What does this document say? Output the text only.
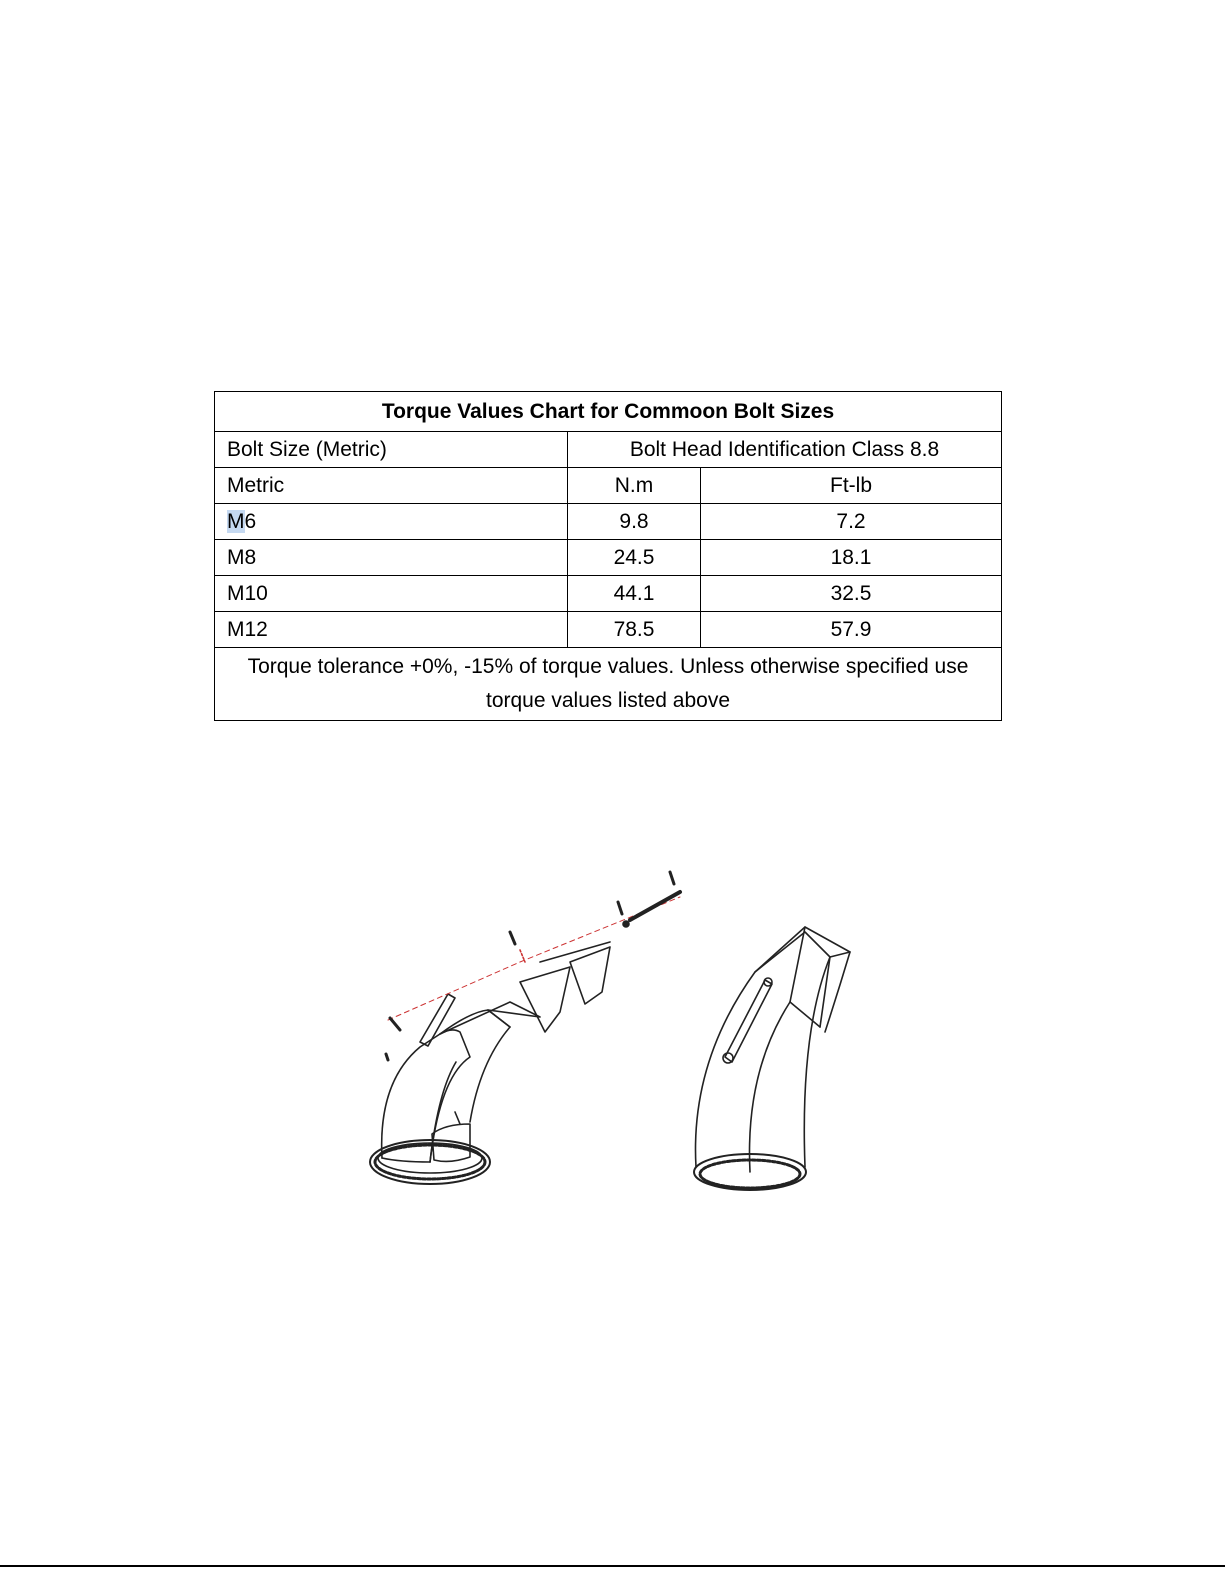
Torque Values Chart for Commoon Bolt Sizes		
Bolt Size (Metric)	Bolt Head Identification Class 8.8	
Metric	N.m	Ft-lb
M6	9.8	7.2
M8	24.5	18.1
M10	44.1	32.5
M12	78.5	57.9

Torque tolerance +0%, -15% of torque values. Unless otherwise specified use
torque values listed above		
